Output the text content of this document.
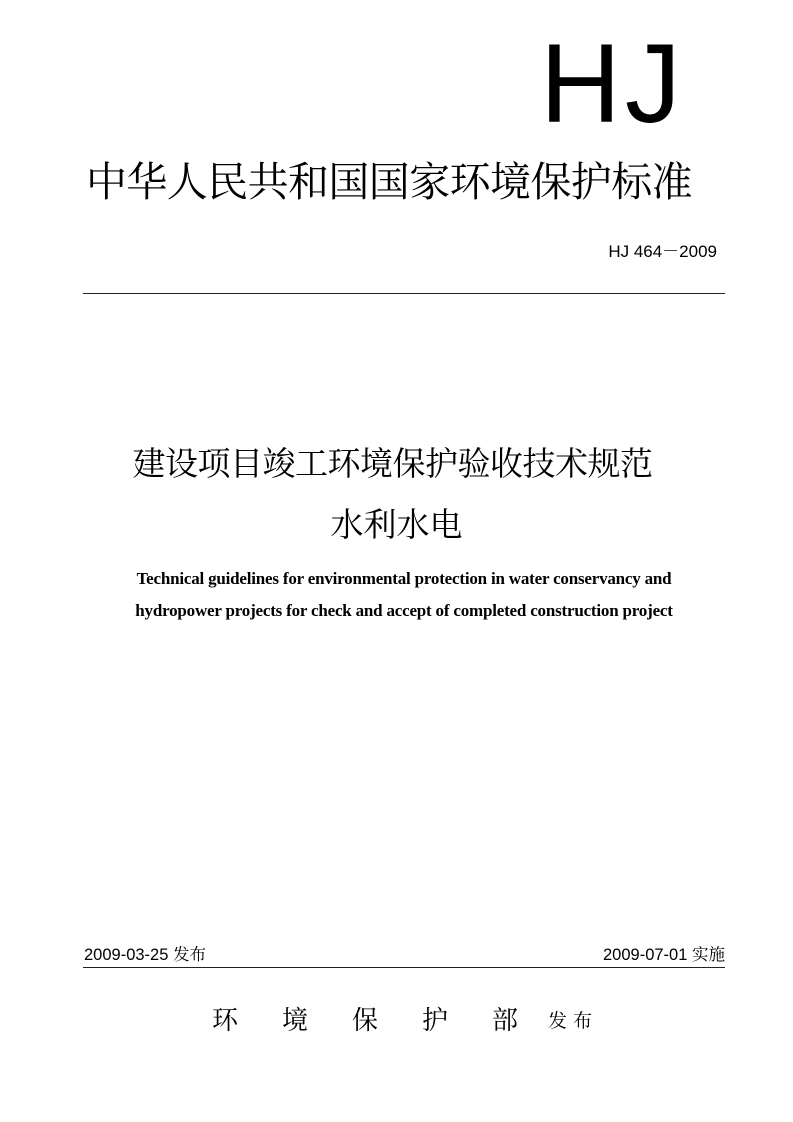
HJ
中华人民共和国国家环境保护标准
HJ 464－2009
建设项目竣工环境保护验收技术规范
水利水电
Technical guidelines for environmental protection in water conservancy and
hydropower projects for check and accept of completed construction project
2009-03-25 发布	2009-07-01 实施
环 境 保 护 部 发布
